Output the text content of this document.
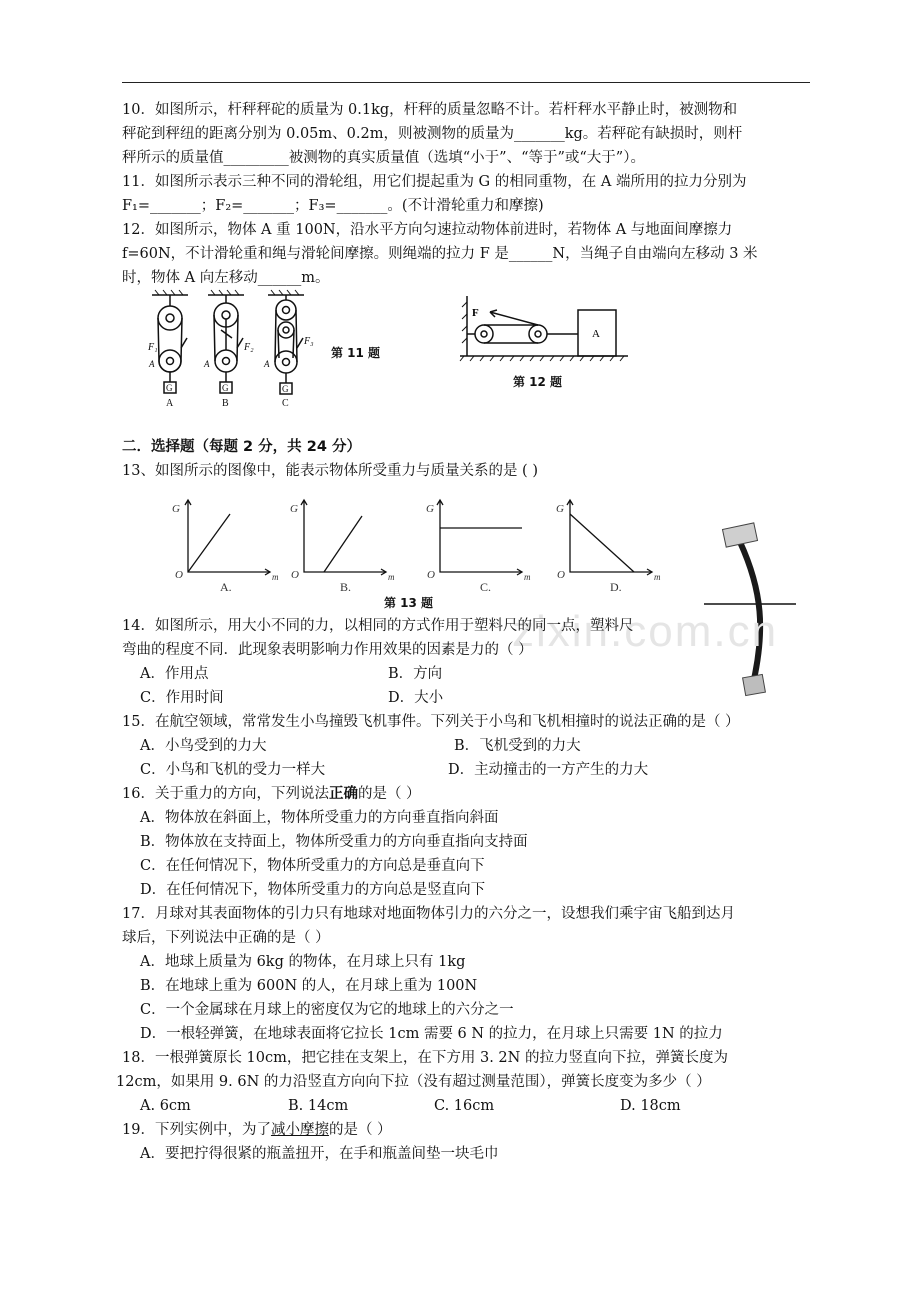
10．如图所示，杆秤秤砣的质量为 0.1kg，杆秤的质量忽略不计。若杆秤水平静止时，被测物和
秤砣到秤纽的距离分别为 0.05m、0.2m，则被测物的质量为_______kg。若秤砣有缺损时，则杆
秤所示的质量值_________被测物的真实质量值（选填“小于”、“等于”或“大于”）。
11．如图所示表示三种不同的滑轮组，用它们提起重为 G 的相同重物，在 A 端所用的拉力分别为
F₁=_______；F₂=_______；F₃=_______。(不计滑轮重力和摩擦)
12．如图所示，物体 A 重 100N，沿水平方向匀速拉动物体前进时，若物体 A 与地面间摩擦力
f=60N，不计滑轮重和绳与滑轮间摩擦。则绳端的拉力 F 是______N，当绳子自由端向左移动 3 米
时，物体 A 向左移动______m。
F₁
A
F₂
A
F₃
A
G	G	G
A	B	C
第 11 题
F
A
第 12 题
二．选择题（每题 2 分，共 24 分）
13、如图所示的图像中，能表示物体所受重力与质量关系的是 ( )
G	G	G	G
O	O	O	O
m	m	m	m
A.	B.	C.	D.
第 13 题
zixin.com.cn
14．如图所示，用大小不同的力，以相同的方式作用于塑料尺的同一点，塑料尺
弯曲的程度不同．此现象表明影响力作用效果的因素是力的（ ）
A．作用点	B．方向
C．作用时间	D．大小
15．在航空领域，常常发生小鸟撞毁飞机事件。下列关于小鸟和飞机相撞时的说法正确的是（ ）
A．小鸟受到的力大	B．飞机受到的力大
C．小鸟和飞机的受力一样大	D．主动撞击的一方产生的力大
16．关于重力的方向，下列说法正确的是（ ）
A．物体放在斜面上，物体所受重力的方向垂直指向斜面
B．物体放在支持面上，物体所受重力的方向垂直指向支持面
C．在任何情况下，物体所受重力的方向总是垂直向下
D．在任何情况下，物体所受重力的方向总是竖直向下
17．月球对其表面物体的引力只有地球对地面物体引力的六分之一，设想我们乘宇宙飞船到达月
球后，下列说法中正确的是（ ）
A．地球上质量为 6kg 的物体，在月球上只有 1kg
B．在地球上重为 600N 的人，在月球上重为 100N
C．一个金属球在月球上的密度仅为它的地球上的六分之一
D．一根轻弹簧，在地球表面将它拉长 1cm 需要 6 N 的拉力，在月球上只需要 1N 的拉力
18．一根弹簧原长 10cm，把它挂在支架上，在下方用 3. 2N 的拉力竖直向下拉，弹簧长度为
12cm，如果用 9. 6N 的力沿竖直方向向下拉（没有超过测量范围），弹簧长度变为多少（ ）
A. 6cm	B. 14cm	C. 16cm	D. 18cm
19．下列实例中，为了减小摩擦的是（ ）
A．要把拧得很紧的瓶盖扭开，在手和瓶盖间垫一块毛巾
